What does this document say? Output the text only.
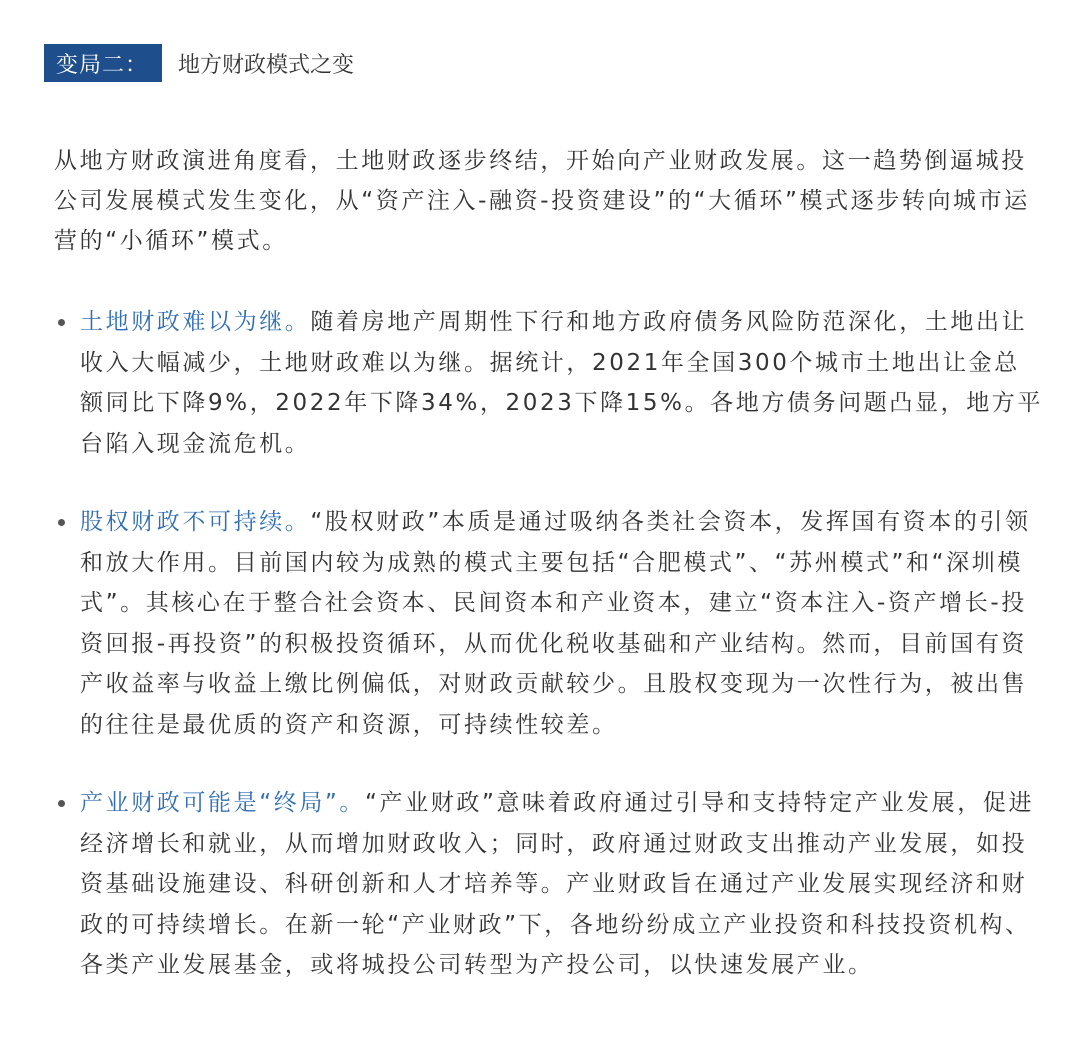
变局二：	地方财政模式之变

从地方财政演进角度看，土地财政逐步终结，开始向产业财政发展。这一趋势倒逼城投公司发展模式发生变化，从“资产注入-融资-投资建设”的“大循环”模式逐步转向城市运营的“小循环”模式。

土地财政难以为继。随着房地产周期性下行和地方政府债务风险防范深化，土地出让收入大幅减少，土地财政难以为继。据统计，2021年全国300个城市土地出让金总额同比下降9%，2022年下降34%，2023下降15%。各地方债务问题凸显，地方平台陷入现金流危机。
股权财政不可持续。“股权财政”本质是通过吸纳各类社会资本，发挥国有资本的引领和放大作用。目前国内较为成熟的模式主要包括“合肥模式”、“苏州模式”和“深圳模式”。其核心在于整合社会资本、民间资本和产业资本，建立“资本注入-资产增长-投资回报-再投资”的积极投资循环，从而优化税收基础和产业结构。然而，目前国有资产收益率与收益上缴比例偏低，对财政贡献较少。且股权变现为一次性行为，被出售的往往是最优质的资产和资源，可持续性较差。
产业财政可能是“终局”。“产业财政”意味着政府通过引导和支持特定产业发展，促进经济增长和就业，从而增加财政收入；同时，政府通过财政支出推动产业发展，如投资基础设施建设、科研创新和人才培养等。产业财政旨在通过产业发展实现经济和财政的可持续增长。在新一轮“产业财政”下，各地纷纷成立产业投资和科技投资机构、各类产业发展基金，或将城投公司转型为产投公司，以快速发展产业。
